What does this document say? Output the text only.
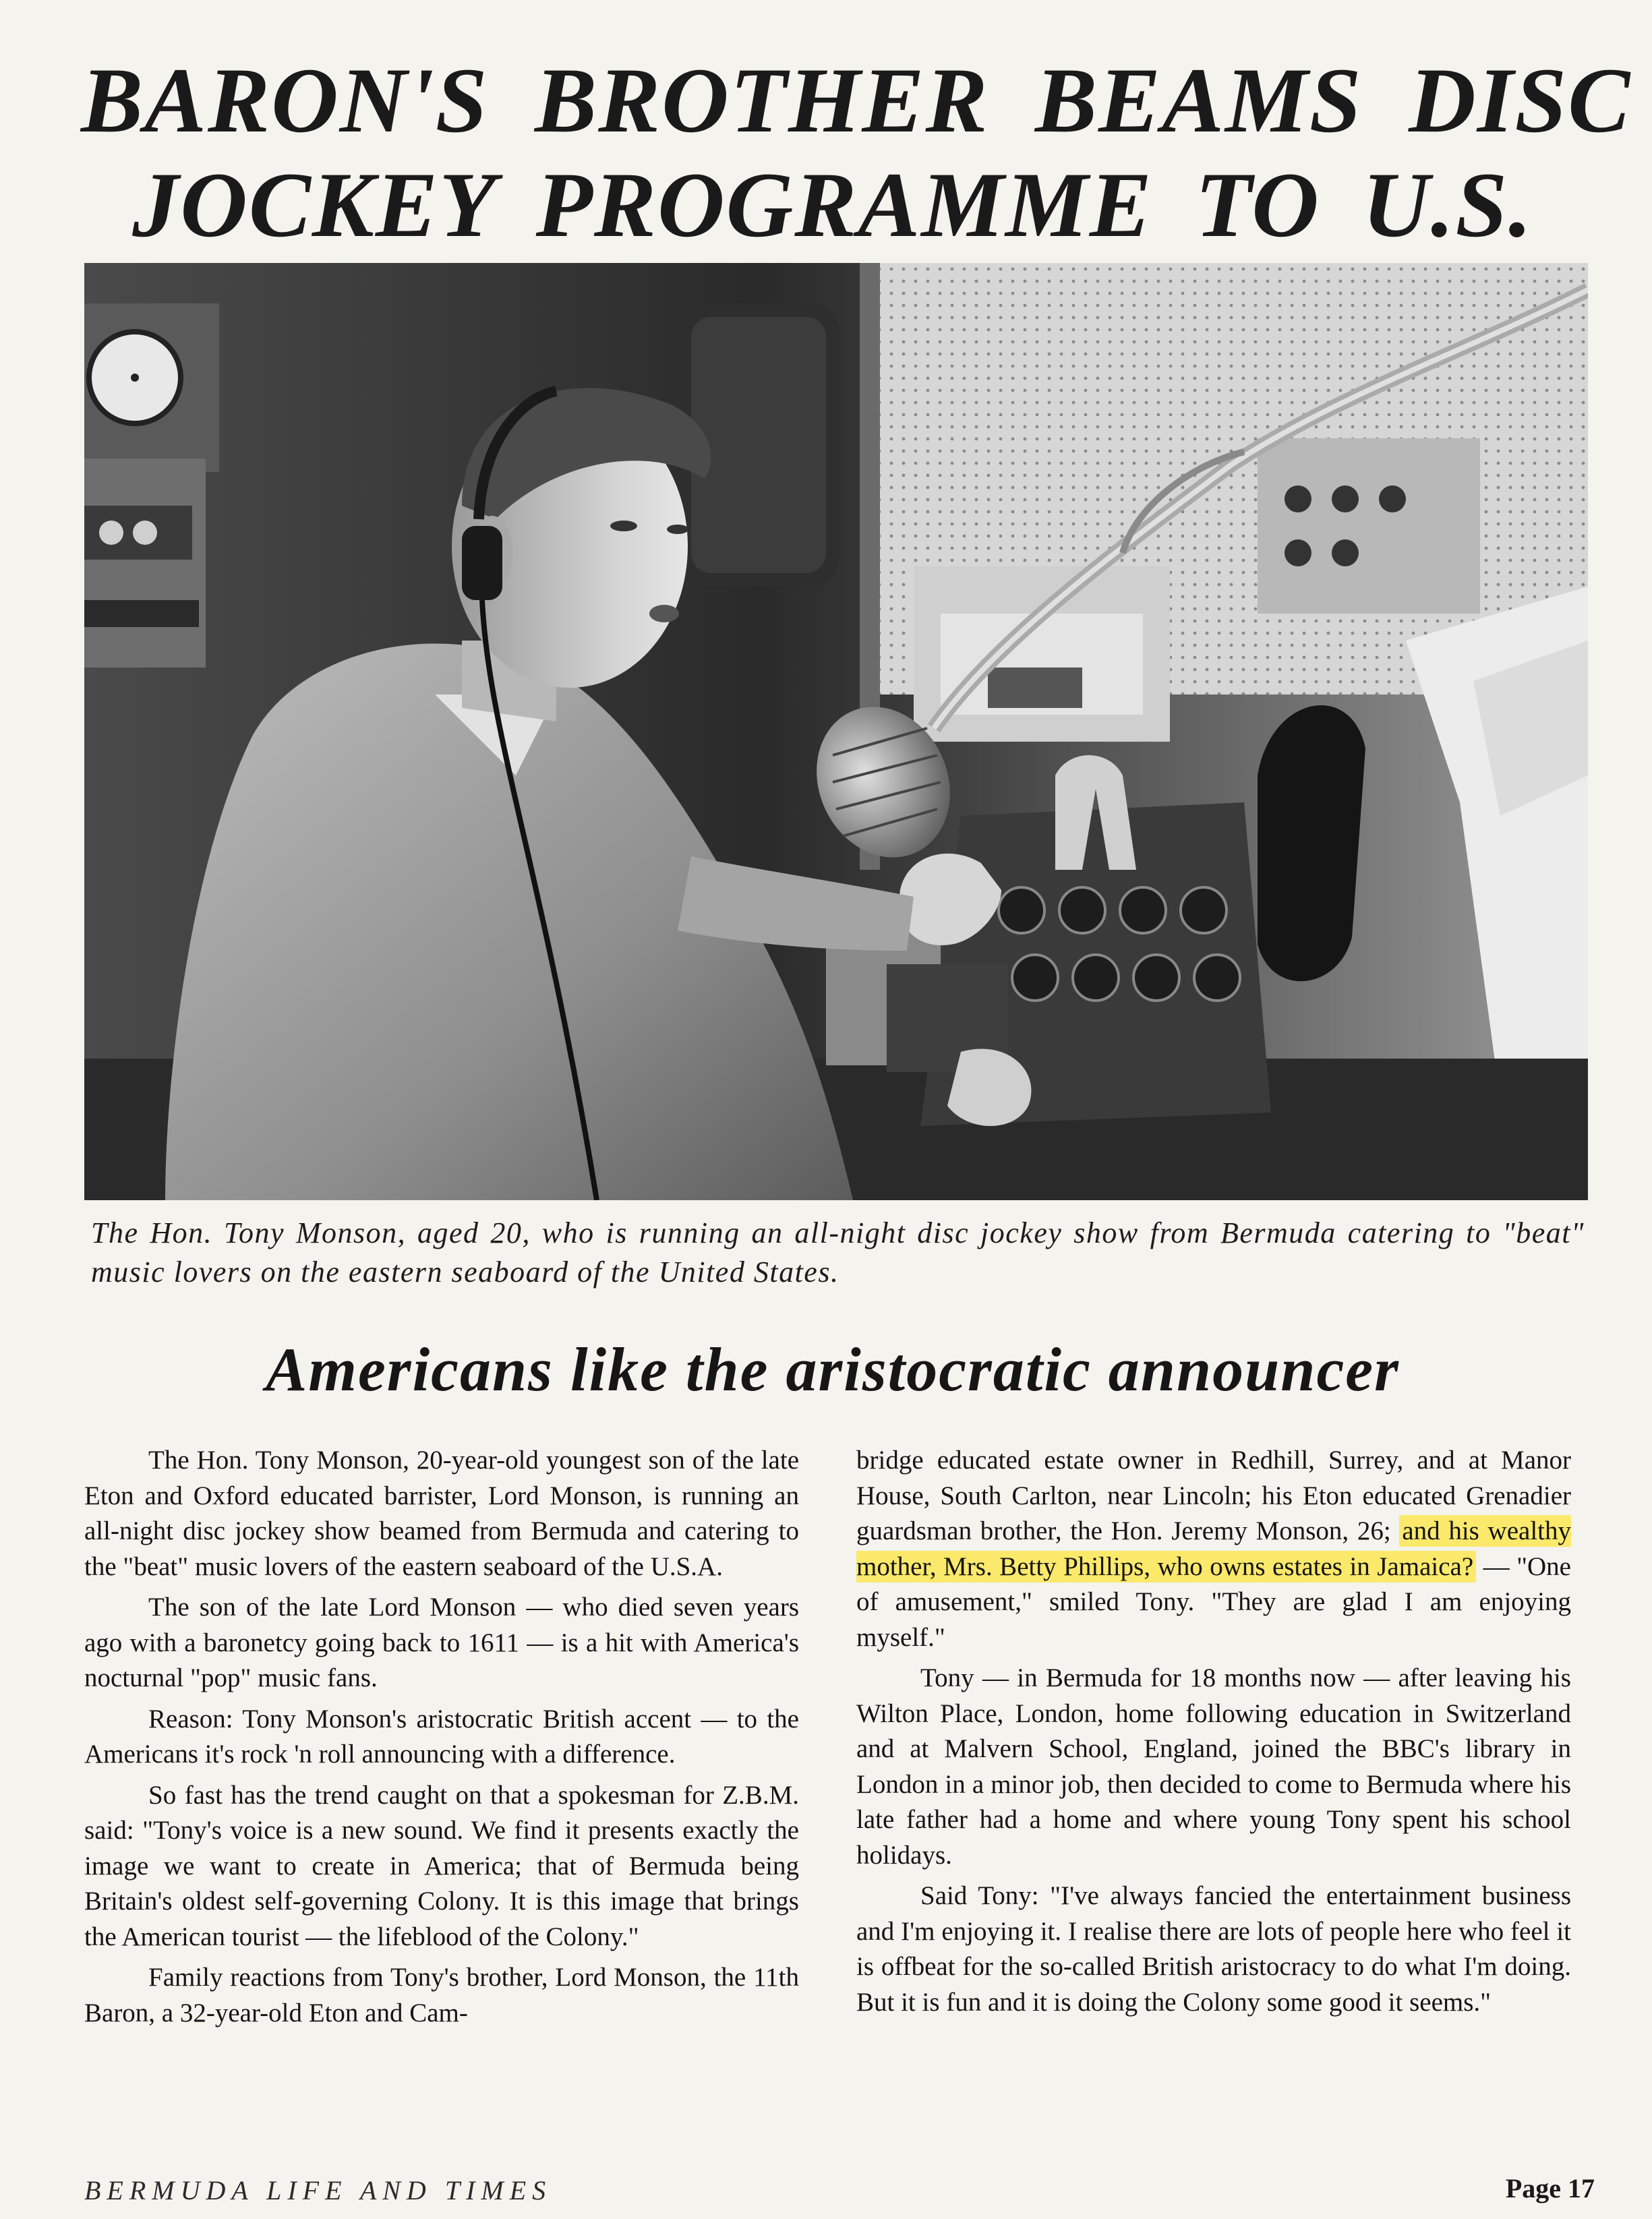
BARON'S BROTHER BEAMS DISC
JOCKEY PROGRAMME TO U.S.

The Hon. Tony Monson, aged 20, who is running an all-night disc jockey show from Bermuda catering to "beat" music lovers on the eastern seaboard of the United States.

Americans like the aristocratic announcer

The Hon. Tony Monson, 20-year-old youngest son of the late Eton and Oxford educated barrister, Lord Monson, is running an all-night disc jockey show beamed from Bermuda and catering to the "beat" music lovers of the eastern seaboard of the U.S.A.

The son of the late Lord Monson — who died seven years ago with a baronetcy going back to 1611 — is a hit with America's nocturnal "pop" music fans.

Reason: Tony Monson's aristocratic British accent — to the Americans it's rock 'n roll announcing with a difference.

So fast has the trend caught on that a spokesman for Z.B.M. said: "Tony's voice is a new sound. We find it presents exactly the image we want to create in America; that of Bermuda being Britain's oldest self-governing Colony. It is this image that brings the American tourist — the lifeblood of the Colony."

Family reactions from Tony's brother, Lord Monson, the 11th Baron, a 32-year-old Eton and Cam-

bridge educated estate owner in Redhill, Surrey, and at Manor House, South Carlton, near Lincoln; his Eton educated Grenadier guardsman brother, the Hon. Jeremy Monson, 26; and his wealthy mother, Mrs. Betty Phillips, who owns estates in Jamaica? — "One of amusement," smiled Tony. "They are glad I am enjoying myself."

Tony — in Bermuda for 18 months now — after leaving his Wilton Place, London, home following education in Switzerland and at Malvern School, England, joined the BBC's library in London in a minor job, then decided to come to Bermuda where his late father had a home and where young Tony spent his school holidays.

Said Tony: "I've always fancied the entertainment business and I'm enjoying it. I realise there are lots of people here who feel it is offbeat for the so-called British aristocracy to do what I'm doing. But it is fun and it is doing the Colony some good it seems."

BERMUDA LIFE AND TIMES	Page 17
